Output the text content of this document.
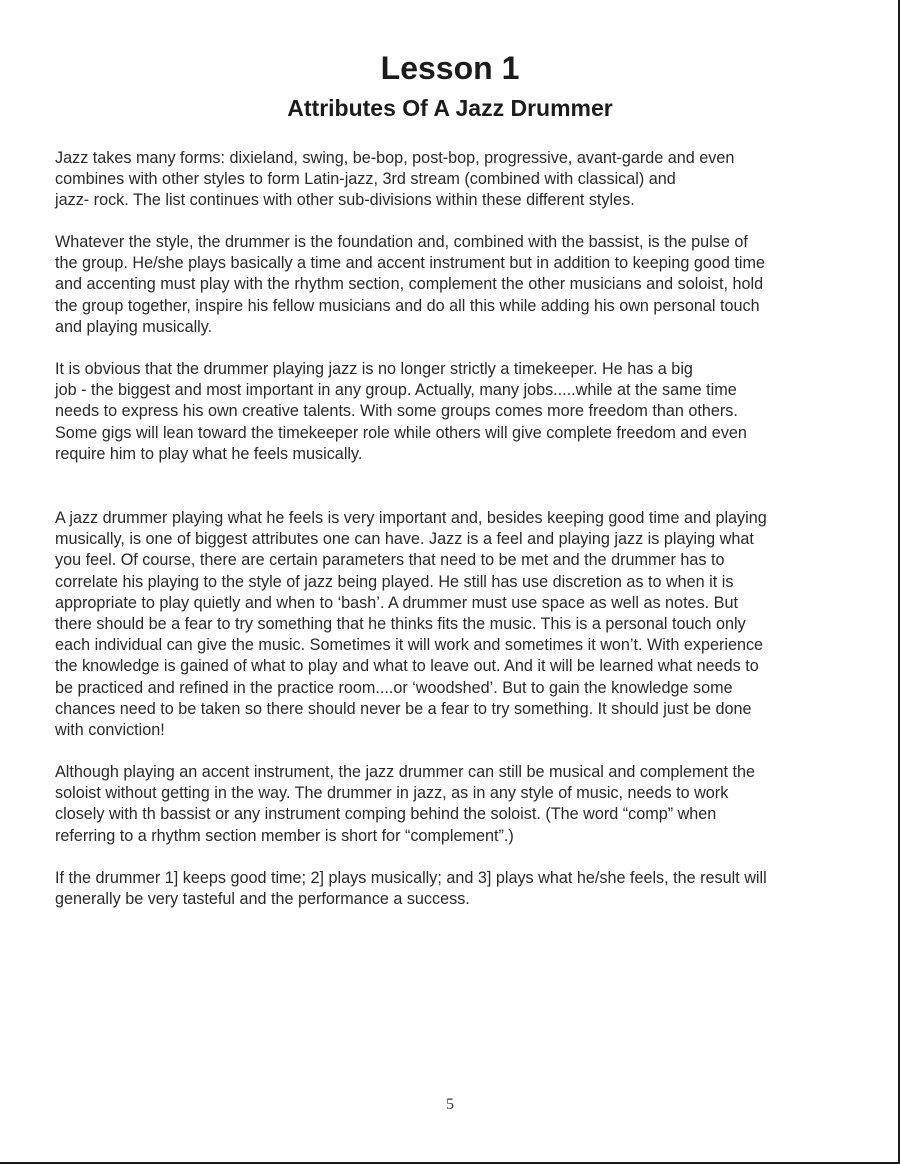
Lesson 1
Attributes Of A Jazz Drummer

Jazz takes many forms: dixieland, swing, be-bop, post-bop, progressive, avant-garde and even
combines with other styles to form Latin-jazz, 3rd stream (combined with classical) and
jazz- rock. The list continues with other sub-divisions within these different styles.

Whatever the style, the drummer is the foundation and, combined with the bassist, is the pulse of
the group. He/she plays basically a time and accent instrument but in addition to keeping good time
and accenting must play with the rhythm section, complement the other musicians and soloist, hold
the group together, inspire his fellow musicians and do all this while adding his own personal touch
and playing musically.

It is obvious that the drummer playing jazz is no longer strictly a timekeeper. He has a big
job - the biggest and most important in any group. Actually, many jobs.....while at the same time
needs to express his own creative talents. With some groups comes more freedom than others.
Some gigs will lean toward the timekeeper role while others will give complete freedom and even
require him to play what he feels musically.

A jazz drummer playing what he feels is very important and, besides keeping good time and playing
musically, is one of biggest attributes one can have. Jazz is a feel and playing jazz is playing what
you feel. Of course, there are certain parameters that need to be met and the drummer has to
correlate his playing to the style of jazz being played. He still has use discretion as to when it is
appropriate to play quietly and when to ‘bash’. A drummer must use space as well as notes. But
there should be a fear to try something that he thinks fits the music. This is a personal touch only
each individual can give the music. Sometimes it will work and sometimes it won’t. With experience
the knowledge is gained of what to play and what to leave out. And it will be learned what needs to
be practiced and refined in the practice room....or ‘woodshed’. But to gain the knowledge some
chances need to be taken so there should never be a fear to try something. It should just be done
with conviction!

Although playing an accent instrument, the jazz drummer can still be musical and complement the
soloist without getting in the way. The drummer in jazz, as in any style of music, needs to work
closely with th bassist or any instrument comping behind the soloist. (The word “comp” when
referring to a rhythm section member is short for “complement”.)

If the drummer 1] keeps good time; 2] plays musically; and 3] plays what he/she feels, the result will
generally be very tasteful and the performance a success.

5
